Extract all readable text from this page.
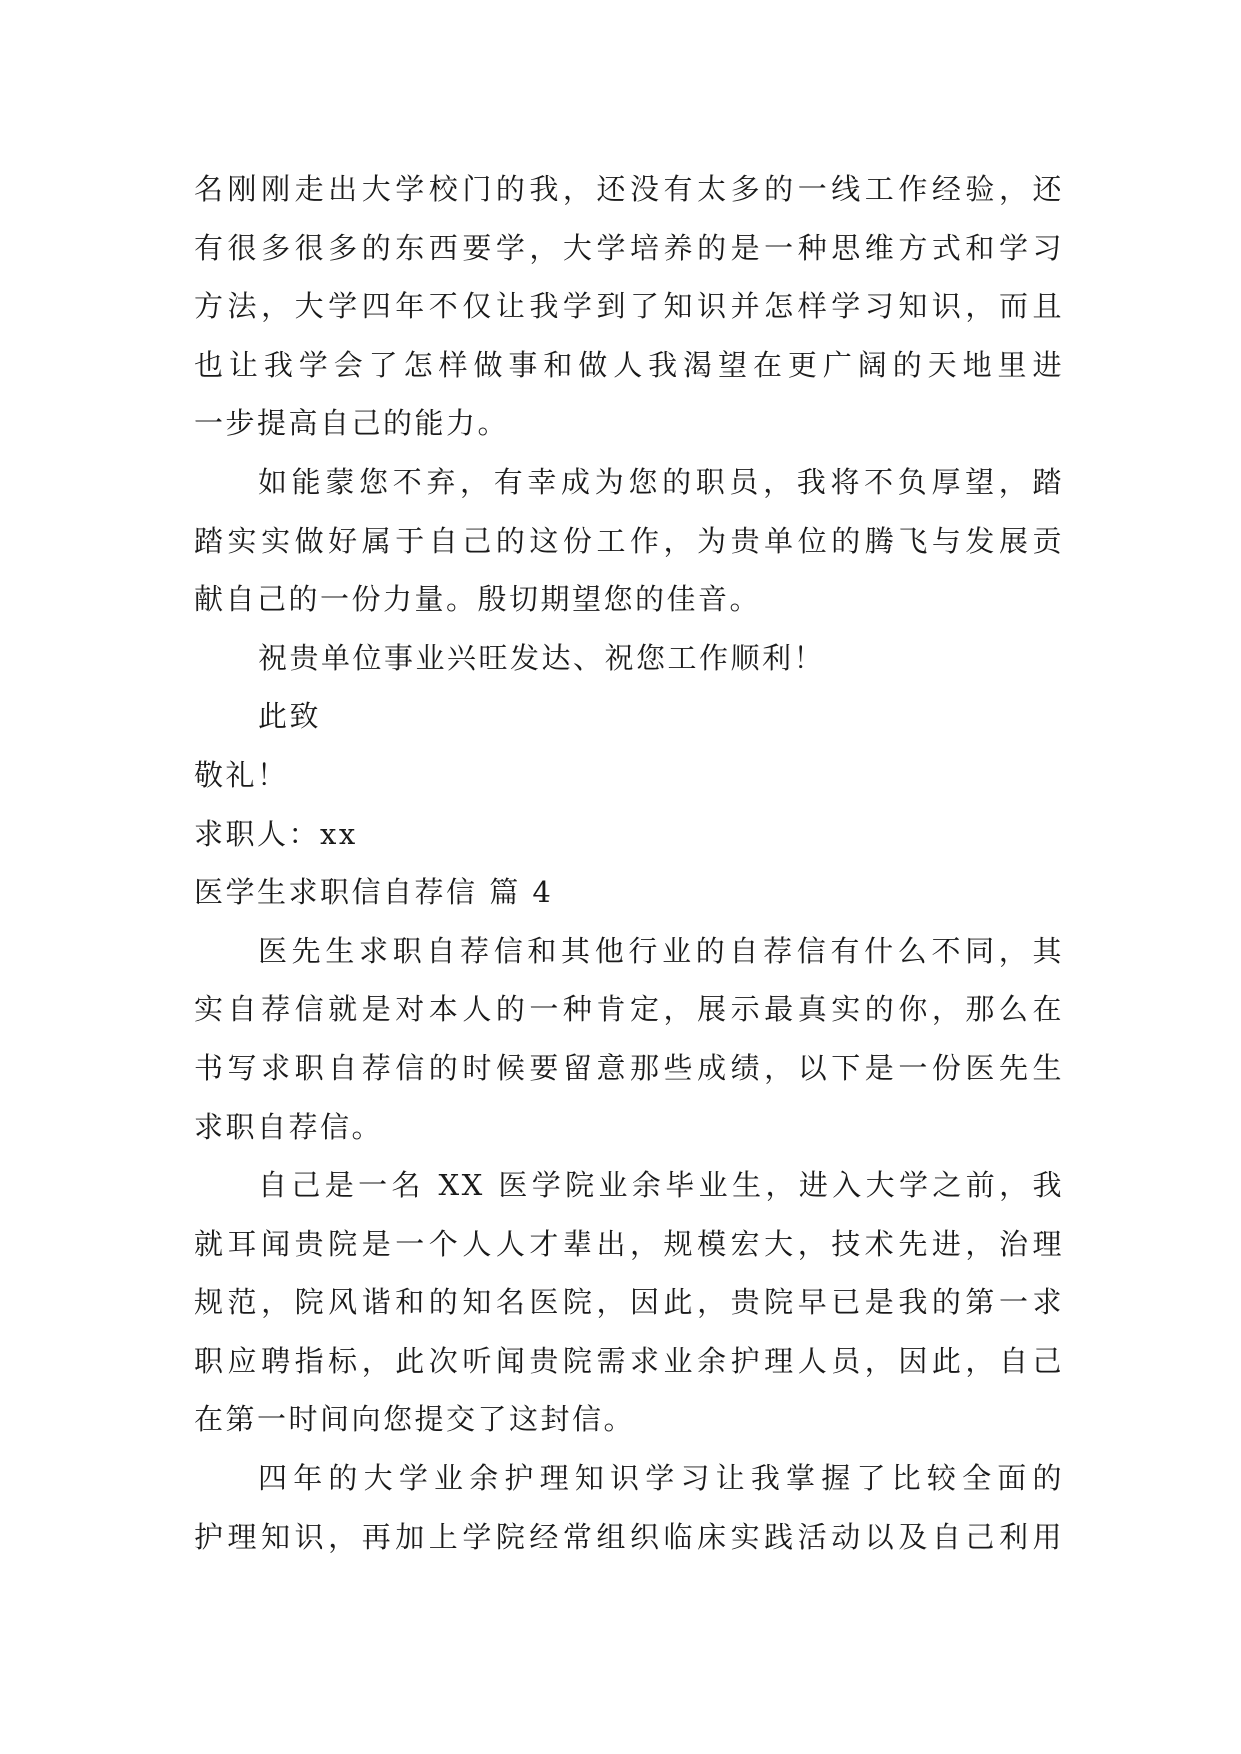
名刚刚走出大学校门的我，还没有太多的一线工作经验，还
有很多很多的东西要学，大学培养的是一种思维方式和学习
方法，大学四年不仅让我学到了知识并怎样学习知识，而且
也让我学会了怎样做事和做人我渴望在更广阔的天地里进
一步提高自己的能力。
如能蒙您不弃，有幸成为您的职员，我将不负厚望，踏
踏实实做好属于自己的这份工作，为贵单位的腾飞与发展贡
献自己的一份力量。殷切期望您的佳音。
祝贵单位事业兴旺发达、祝您工作顺利！
此致
敬礼！
求职人：xx
医学生求职信自荐信 篇 4
医先生求职自荐信和其他行业的自荐信有什么不同，其
实自荐信就是对本人的一种肯定，展示最真实的你，那么在
书写求职自荐信的时候要留意那些成绩，以下是一份医先生
求职自荐信。
自己是一名 XX 医学院业余毕业生，进入大学之前，我
就耳闻贵院是一个人人才辈出，规模宏大，技术先进，治理
规范，院风谐和的知名医院，因此，贵院早已是我的第一求
职应聘指标，此次听闻贵院需求业余护理人员，因此，自己
在第一时间向您提交了这封信。
四年的大学业余护理知识学习让我掌握了比较全面的
护理知识，再加上学院经常组织临床实践活动以及自己利用
